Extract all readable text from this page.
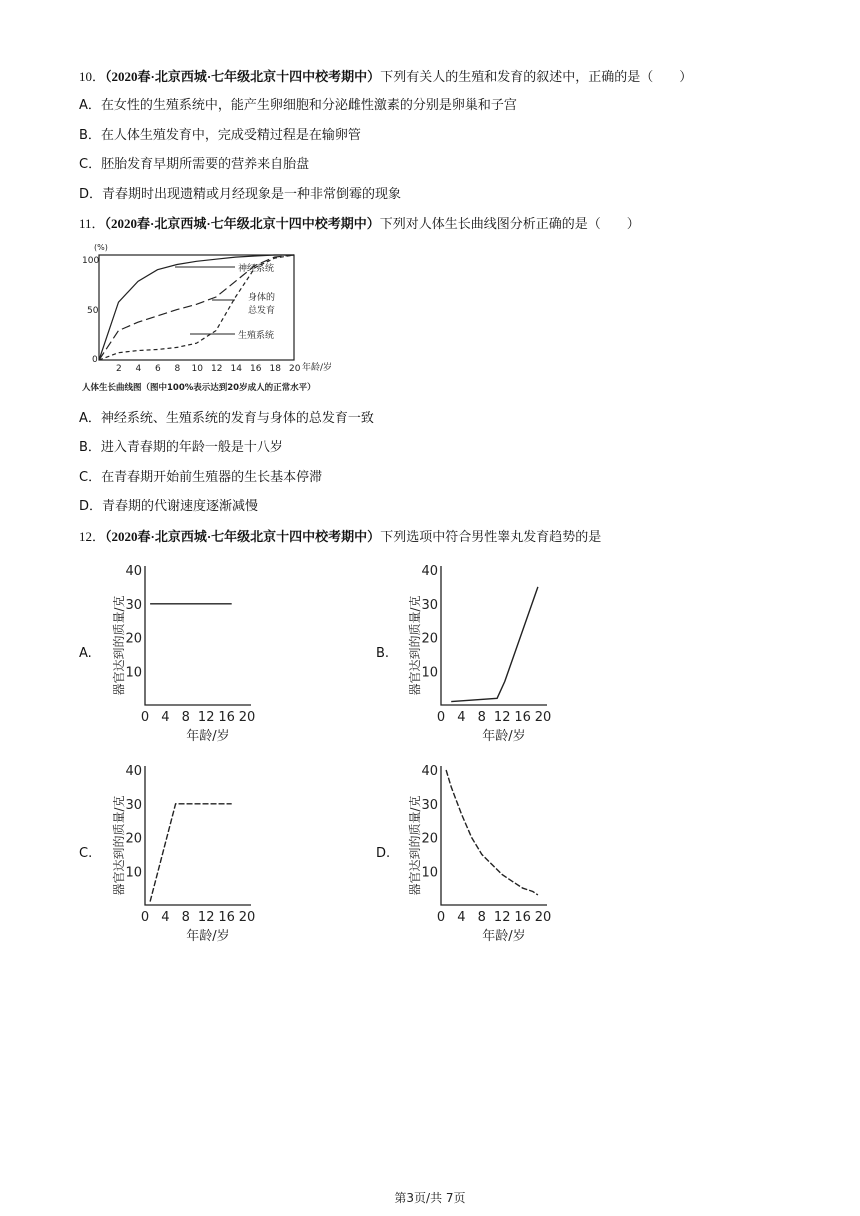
10．（2020春·北京西城·七年级北京十四中校考期中）下列有关人的生殖和发育的叙述中，正确的是（　　）
A．在女性的生殖系统中，能产生卵细胞和分泌雌性激素的分别是卵巢和子宫
B．在人体生殖发育中，完成受精过程是在输卵管
C．胚胎发育早期所需要的营养来自胎盘
D．青春期时出现遗精或月经现象是一种非常倒霉的现象
11．（2020春·北京西城·七年级北京十四中校考期中）下列对人体生长曲线图分析正确的是（　　）
(%)
100
50
0
2 4 6 8 10 12 14 16 18 20 年龄/岁
神经系统
身体的
总发育
生殖系统
人体生长曲线图（图中100%表示达到20岁成人的正常水平）
A．神经系统、生殖系统的发育与身体的总发育一致
B．进入青春期的年龄一般是十八岁
C．在青春期开始前生殖器的生长基本停滞
D．青春期的代谢速度逐渐减慢
12．（2020春·北京西城·七年级北京十四中校考期中）下列选项中符合男性睾丸发育趋势的是
A.	B.
C.	D.
器官达到的质量/克
40
30
20
10
0 4 8 12 16 20
年龄/岁
器官达到的质量/克
40
30
20
10
0 4 8 12 16 20
年龄/岁
器官达到的质量/克
40
30
20
10
0 4 8 12 16 20
年龄/岁
器官达到的质量/克
40
30
20
10
0 4 8 12 16 20
年龄/岁
第3页/共 7页
